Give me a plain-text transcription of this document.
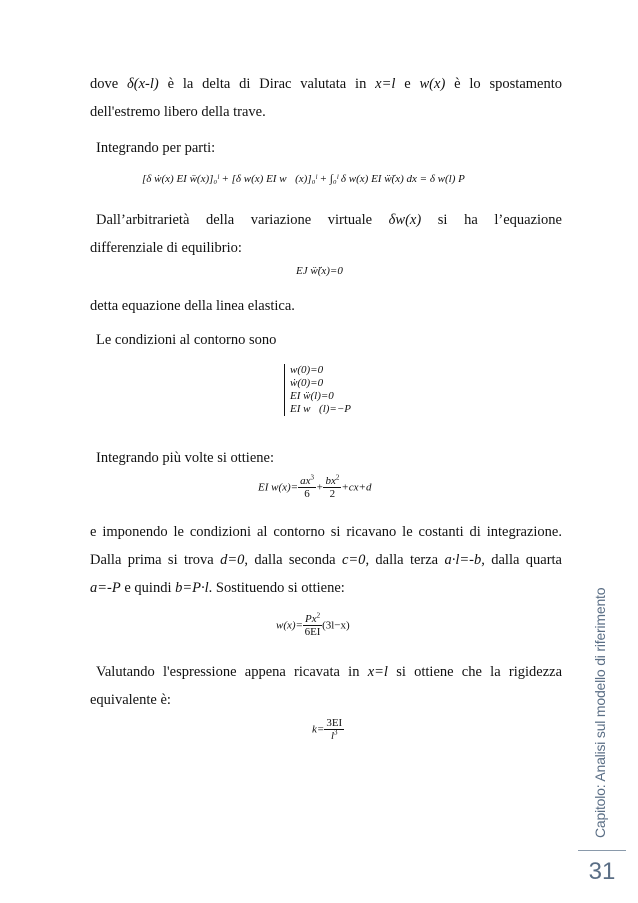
dove δ(x-l) è la delta di Dirac valutata in x=l e w(x) è lo spostamento

dell'estremo libero della trave.

Integrando per parti:

[δ ẇ(x) EI ẅ(x)]₀ˡ + [δ w(x) EI w⃛(x)]₀ˡ + ∫₀ˡ δ w(x) EI ẅ̈(x) dx = δ w(l) P

Dall’arbitrarietà della variazione virtuale δw(x) si ha l’equazione

differenziale di equilibrio:

EJ ẅ̈(x)=0

detta equazione della linea elastica.

Le condizioni al contorno sono

w(0)=0
ẇ(0)=0
EI ẅ(l)=0
EI w⃛(l)=−P

Integrando più volte si ottiene:

EI $w(x)= \frac{ax^3}{6} + \frac{bx^2}{2} +cx+d$

e imponendo le condizioni al contorno si ricavano le costanti di integrazione.

Dalla prima si trova d=0, dalla seconda c=0, dalla terza a·l=-b, dalla quarta

a=-P e quindi b=P·l. Sostituendo si ottiene:

$w(x)= \frac{Px^2}{6EI} (3l-x)$

Valutando l'espressione appena ricavata in x=l si ottiene che la rigidezza

equivalente è:

$k= \frac{3EI}{l^3}$
Capitolo: Analisi sul modello di riferimento
31
